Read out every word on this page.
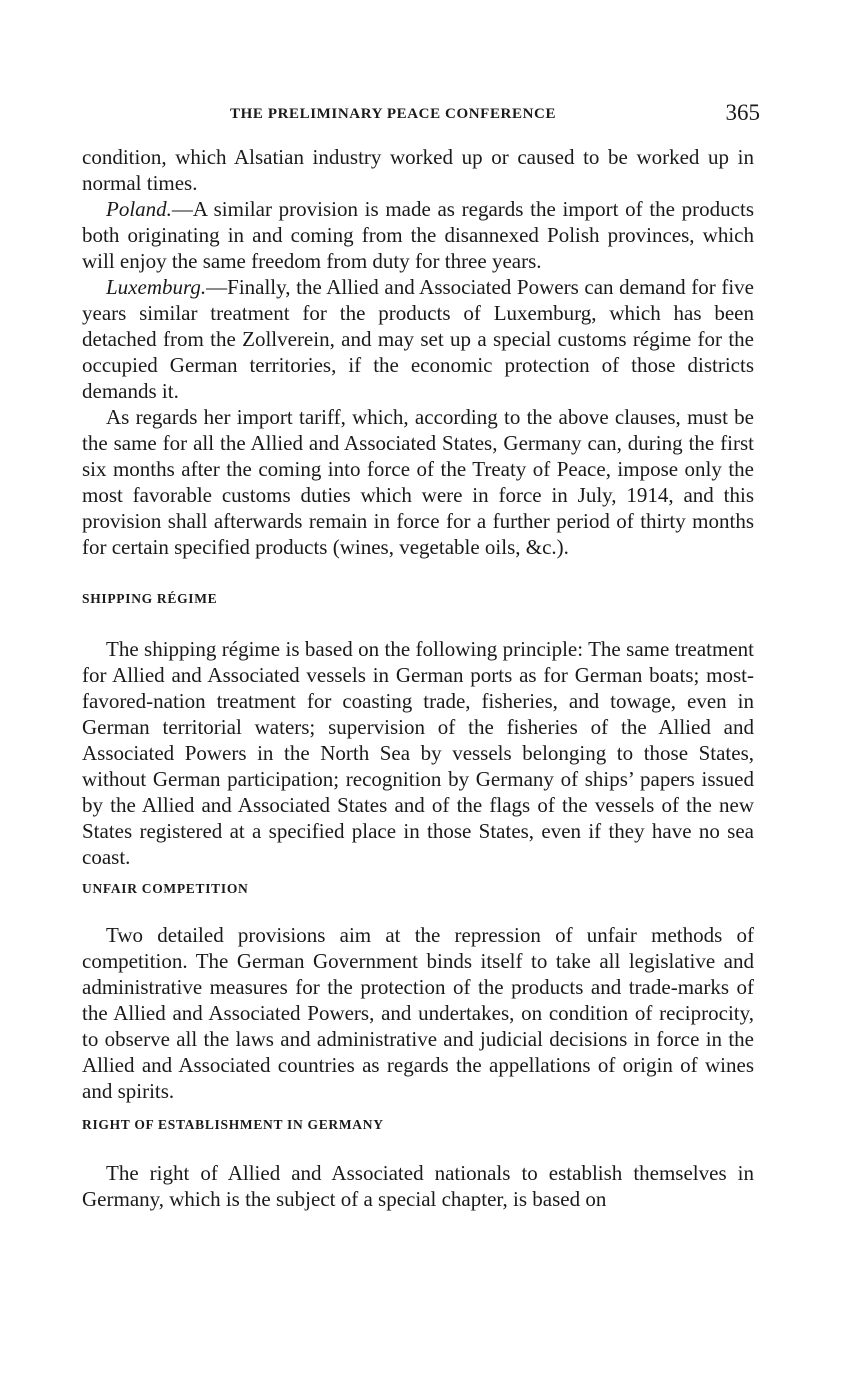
THE PRELIMINARY PEACE CONFERENCE	365

condition, which Alsatian industry worked up or caused to be worked up in normal times.

Poland.—A similar provision is made as regards the import of the products both originating in and coming from the disannexed Polish provinces, which will enjoy the same freedom from duty for three years.

Luxemburg.—Finally, the Allied and Associated Powers can demand for five years similar treatment for the products of Luxemburg, which has been detached from the Zollverein, and may set up a special customs régime for the occupied German territories, if the economic protection of those districts demands it.

As regards her import tariff, which, according to the above clauses, must be the same for all the Allied and Associated States, Germany can, during the first six months after the coming into force of the Treaty of Peace, impose only the most favorable customs duties which were in force in July, 1914, and this provision shall afterwards remain in force for a further period of thirty months for certain specified products (wines, vegetable oils, &c.).

SHIPPING RÉGIME

The shipping régime is based on the following principle: The same treatment for Allied and Associated vessels in German ports as for German boats; most-favored-nation treatment for coasting trade, fisheries, and towage, even in German territorial waters; supervision of the fisheries of the Allied and Associated Powers in the North Sea by vessels belonging to those States, without German participation; recognition by Germany of ships’ papers issued by the Allied and Associated States and of the flags of the vessels of the new States registered at a specified place in those States, even if they have no sea coast.

UNFAIR COMPETITION

Two detailed provisions aim at the repression of unfair methods of competition. The German Government binds itself to take all legislative and administrative measures for the protection of the products and trade-marks of the Allied and Associated Powers, and undertakes, on condition of reciprocity, to observe all the laws and administrative and judicial decisions in force in the Allied and Associated countries as regards the appellations of origin of wines and spirits.

RIGHT OF ESTABLISHMENT IN GERMANY

The right of Allied and Associated nationals to establish themselves in Germany, which is the subject of a special chapter, is based on
